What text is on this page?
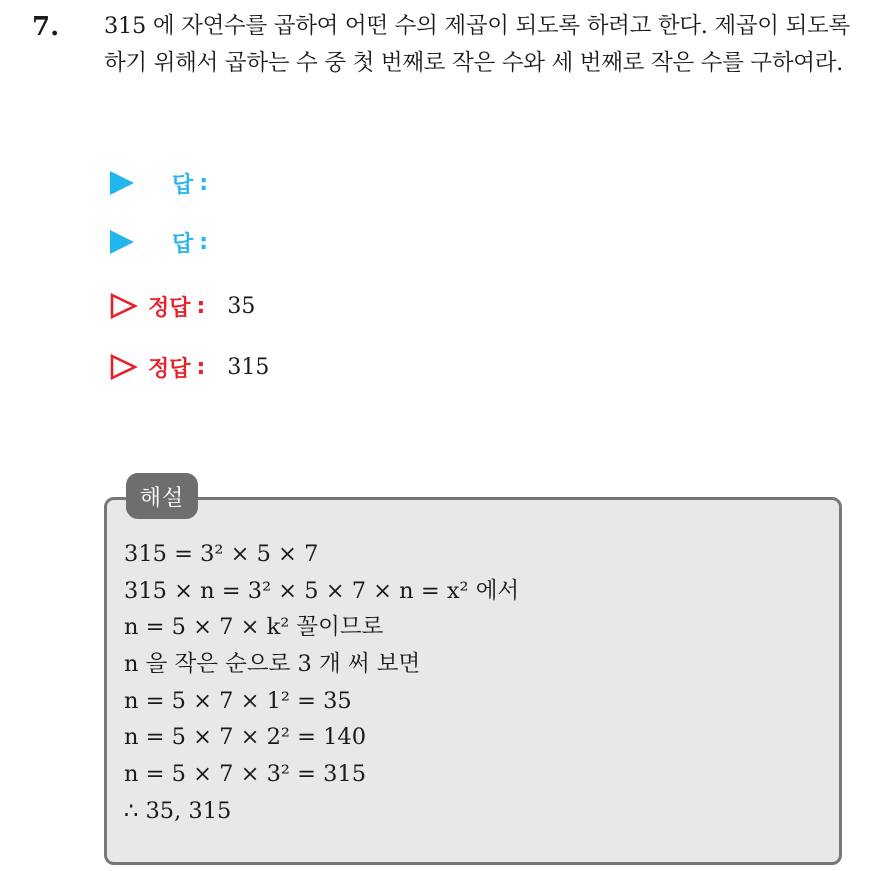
7. 315 에 자연수를 곱하여 어떤 수의 제곱이 되도록 하려고 한다. 제곱이 되도록 하기 위해서 곱하는 수 중 첫 번째로 작은 수와 세 번째로 작은 수를 구하여라.
답 :
답 :
정답 : 35
정답 : 315
해설
315 = 3² × 5 × 7
315 × n = 3² × 5 × 7 × n = x² 에서
n = 5 × 7 × k² 꼴이므로
n 을 작은 순으로 3 개 써 보면
n = 5 × 7 × 1² = 35
n = 5 × 7 × 2² = 140
n = 5 × 7 × 3² = 315
∴ 35, 315
